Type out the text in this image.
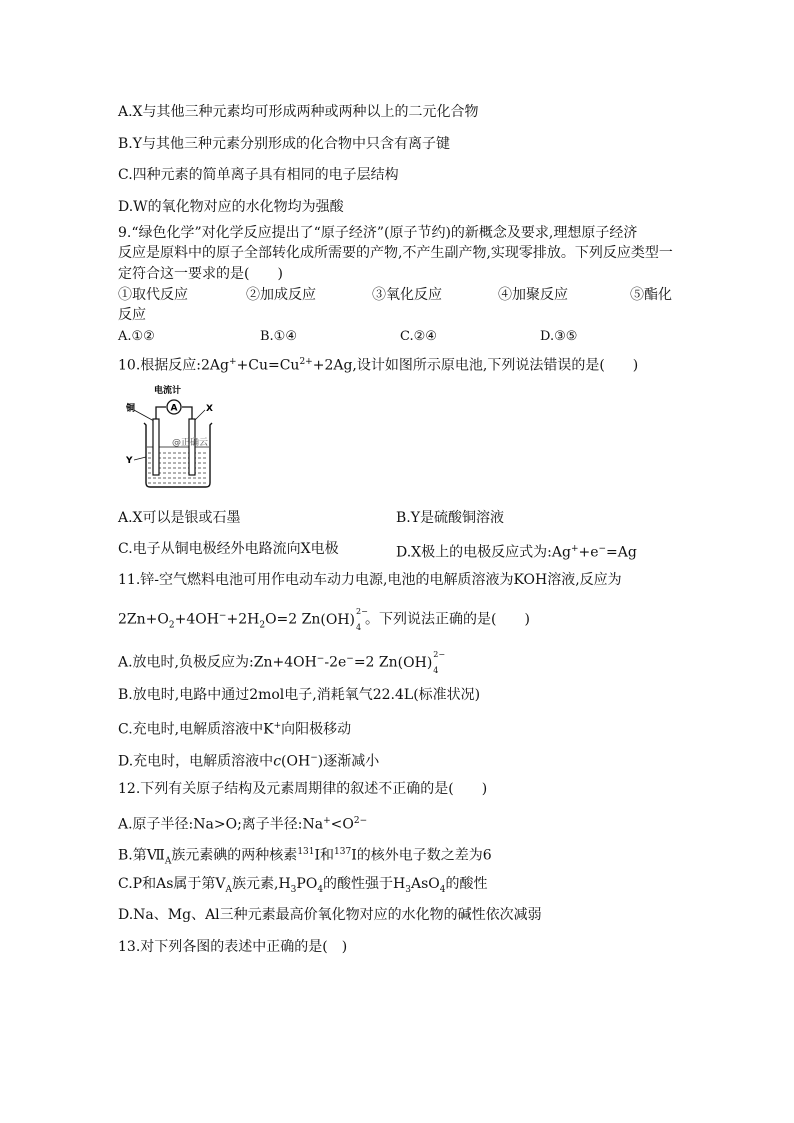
A.X与其他三种元素均可形成两种或两种以上的二元化合物
B.Y与其他三种元素分别形成的化合物中只含有离子键
C.四种元素的简单离子具有相同的电子层结构
D.W的氧化物对应的水化物均为强酸
9.“绿色化学”对化学反应提出了“原子经济”(原子节约)的新概念及要求,理想原子经济
反应是原料中的原子全部转化成所需要的产物,不产生副产物,实现零排放。下列反应类型一
定符合这一要求的是(　　)
①取代反应	②加成反应	③氧化反应	④加聚反应	⑤酯化
反应
A.①②	B.①④	C.②④	D.③⑤
10.根据反应$:2Ag^++Cu=Cu^{2+}+2Ag$,设计如图所示原电池,下列说法错误的是(　　)
电流计
A
铜	X
Y
@正确云
A.X可以是银或石墨	B.Y是硫酸铜溶液
C.电子从铜电极经外电路流向X电极	D.X极上的电极反应式为:Ag++e−=Ag
11.锌-空气燃料电池可用作电动车动力电源,电池的电解质溶液为KOH溶液,反应为
$2Zn+O_2+4OH^-+2H_2O=2$ Zn(OH)
2−
4 。下列说法正确的是(　　)
A.放电时,负极反应为:Zn+4OH−-2e−=2 Zn(OH)
2−
4
B.放电时,电路中通过2mol电子,消耗氧气22.4L(标准状况)
C.充电时,电解质溶液中K+向阳极移动
D.充电时，电解质溶液中c(OH−)逐渐减小
12.下列有关原子结构及元素周期律的叙述不正确的是(　　)
A.原子半径:Na>O;离子半径$:Na^+<O^{2-}$
B.第$Ⅶ_A$族元素碘的两种核素$^{131}$I和$^{137}$I的核外电子数之差为6
C.P和As属于第$V_A$族元素$,H_3PO_4$的酸性强于$H_3AsO_4$的酸性
D.Na、Mg、Al三种元素最高价氧化物对应的水化物的碱性依次减弱
13.对下列各图的表述中正确的是(　)
